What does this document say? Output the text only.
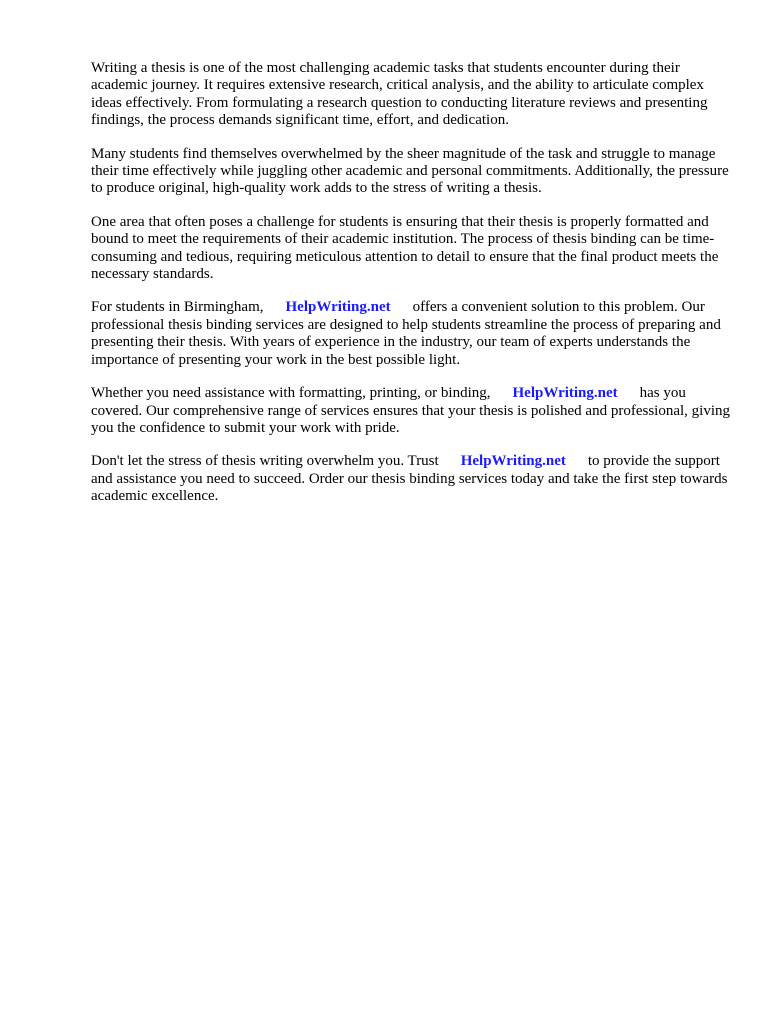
Writing a thesis is one of the most challenging academic tasks that students encounter during their academic journey. It requires extensive research, critical analysis, and the ability to articulate complex ideas effectively. From formulating a research question to conducting literature reviews and presenting findings, the process demands significant time, effort, and dedication.

Many students find themselves overwhelmed by the sheer magnitude of the task and struggle to manage their time effectively while juggling other academic and personal commitments. Additionally, the pressure to produce original, high-quality work adds to the stress of writing a thesis.

One area that often poses a challenge for students is ensuring that their thesis is properly formatted and bound to meet the requirements of their academic institution. The process of thesis binding can be time-consuming and tedious, requiring meticulous attention to detail to ensure that the final product meets the necessary standards.

For students in Birmingham, HelpWriting.net offers a convenient solution to this problem. Our professional thesis binding services are designed to help students streamline the process of preparing and presenting their thesis. With years of experience in the industry, our team of experts understands the importance of presenting your work in the best possible light.

Whether you need assistance with formatting, printing, or binding, HelpWriting.net has you covered. Our comprehensive range of services ensures that your thesis is polished and professional, giving you the confidence to submit your work with pride.

Don't let the stress of thesis writing overwhelm you. Trust HelpWriting.net to provide the support and assistance you need to succeed. Order our thesis binding services today and take the first step towards academic excellence.
